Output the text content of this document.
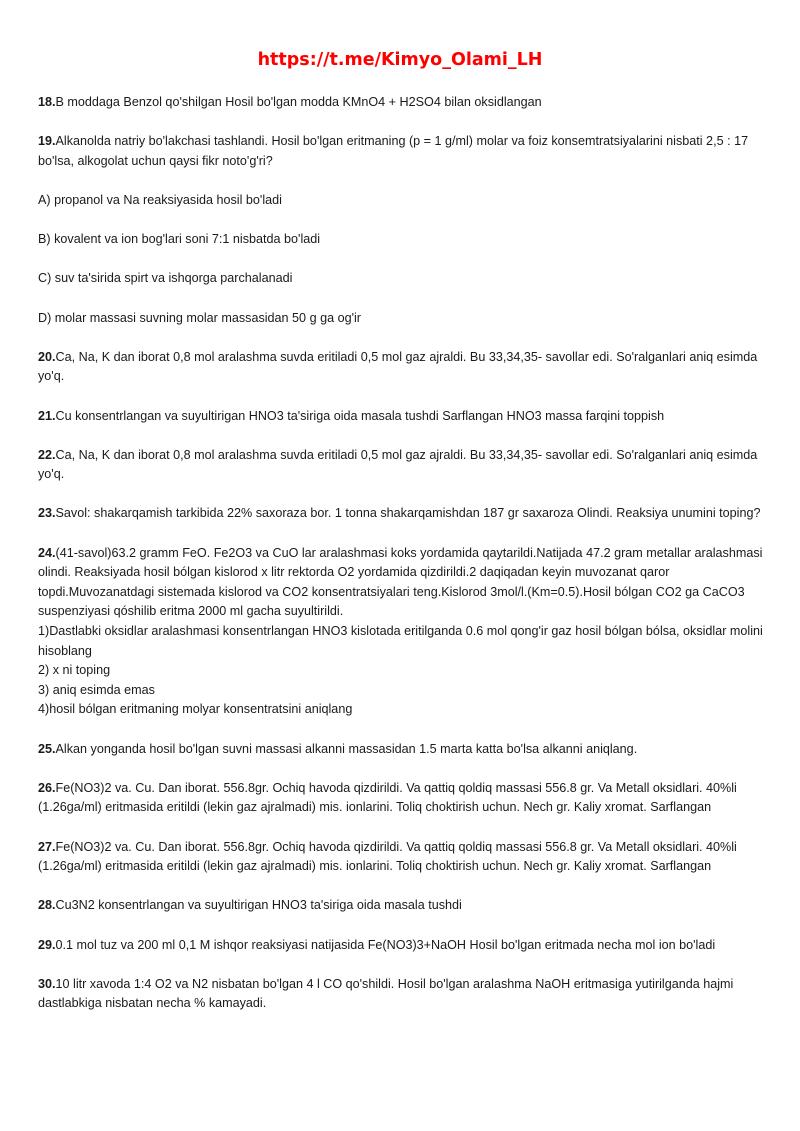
https://t.me/Kimyo_Olami_LH
18.B moddaga Benzol qo'shilgan Hosil bo'lgan modda KMnO4 + H2SO4 bilan oksidlangan
19.Alkanolda natriy bo'lakchasi tashlandi. Hosil bo'lgan eritmaning (p = 1 g/ml) molar va foiz konsemtratsiyalarini nisbati 2,5 : 17 bo'lsa, alkogolat uchun qaysi fikr noto'g'ri?
A) propanol va Na reaksiyasida hosil bo'ladi
B) kovalent va ion bog'lari soni 7:1 nisbatda bo'ladi
C) suv ta'sirida spirt va ishqorga parchalanadi
D) molar massasi suvning molar massasidan 50 g ga og'ir
20.Ca, Na, K dan iborat 0,8 mol aralashma suvda eritiladi 0,5 mol gaz ajraldi. Bu 33,34,35- savollar edi. So'ralganlari aniq esimda yo'q.
21.Cu konsentrlangan va suyultirigan HNO3 ta'siriga oida masala tushdi Sarflangan HNO3 massa farqini toppish
22.Ca, Na, K dan iborat 0,8 mol aralashma suvda eritiladi 0,5 mol gaz ajraldi. Bu 33,34,35- savollar edi. So'ralganlari aniq esimda yo'q.
23.Savol: shakarqamish tarkibida 22% saxoraza bor. 1 tonna shakarqamishdan 187 gr saxaroza Olindi. Reaksiya unumini toping?
24.(41-savol)63.2 gramm FeO. Fe2O3 va CuO lar aralashmasi koks yordamida qaytarildi.Natijada 47.2 gram metallar aralashmasi olindi. Reaksiyada hosil bólgan kislorod x litr rektorda O2 yordamida qizdirildi.2 daqiqadan keyin muvozanat qaror topdi.Muvozanatdagi sistemada kislorod va CO2 konsentratsiyalari teng.Kislorod 3mol/l.(Km=0.5).Hosil bólgan CO2 ga CaCO3 suspenziyasi qóshilib eritma 2000 ml gacha suyultirildi.
1)Dastlabki oksidlar aralashmasi konsentrlangan HNO3 kislotada eritilganda 0.6 mol qong'ir gaz hosil bólgan bólsa, oksidlar molini hisoblang
2) x ni toping
3) aniq esimda emas
4)hosil bólgan eritmaning molyar konsentratsini aniqlang
25.Alkan yonganda hosil bo'lgan suvni massasi alkanni massasidan 1.5 marta katta bo'lsa alkanni aniqlang.
26.Fe(NO3)2 va. Cu. Dan iborat. 556.8gr. Ochiq havoda qizdirildi. Va qattiq qoldiq massasi 556.8 gr. Va Metall oksidlari. 40%li (1.26ga/ml) eritmasida eritildi (lekin gaz ajralmadi) mis. ionlarini. Toliq choktirish uchun. Nech gr. Kaliy xromat. Sarflangan
27.Fe(NO3)2 va. Cu. Dan iborat. 556.8gr. Ochiq havoda qizdirildi. Va qattiq qoldiq massasi 556.8 gr. Va Metall oksidlari. 40%li (1.26ga/ml) eritmasida eritildi (lekin gaz ajralmadi) mis. ionlarini. Toliq choktirish uchun. Nech gr. Kaliy xromat. Sarflangan
28.Cu3N2 konsentrlangan va suyultirigan HNO3 ta'siriga oida masala tushdi
29.0.1 mol tuz va 200 ml 0,1 M ishqor reaksiyasi natijasida Fe(NO3)3+NaOH Hosil bo'lgan eritmada necha mol ion bo'ladi
30.10 litr xavoda 1:4 O2 va N2 nisbatan bo'lgan 4 l CO qo'shildi. Hosil bo'lgan aralashma NaOH eritmasiga yutirilganda hajmi dastlabkiga nisbatan necha % kamayadi.
